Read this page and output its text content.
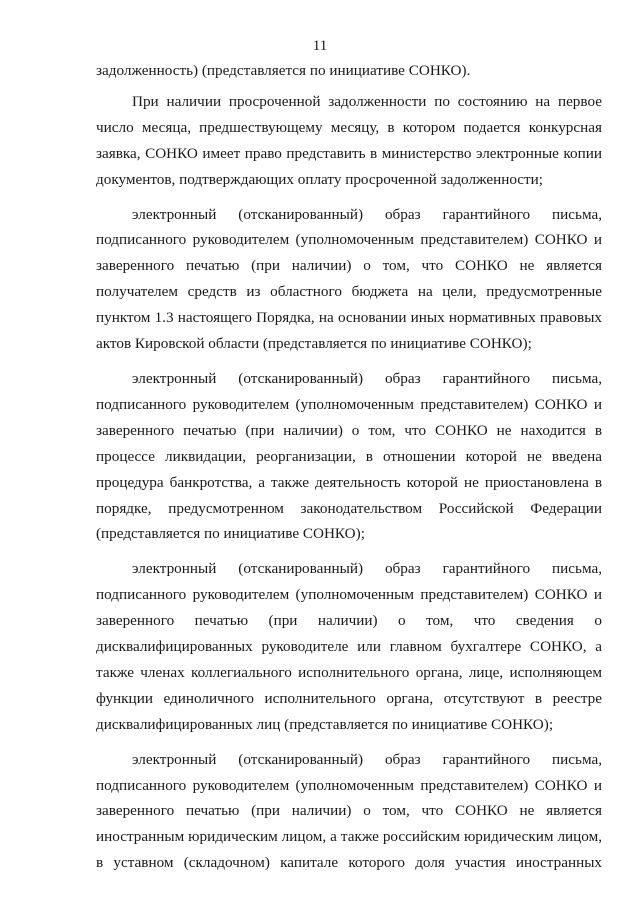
11

задолженность) (представляется по инициативе СОНКО).

При наличии просроченной задолженности по состоянию на первое число месяца, предшествующему месяцу, в котором подается конкурсная заявка, СОНКО имеет право представить в министерство электронные копии документов, подтверждающих оплату просроченной задолженности;

электронный (отсканированный) образ гарантийного письма, подписанного руководителем (уполномоченным представителем) СОНКО и заверенного печатью (при наличии) о том, что СОНКО не является получателем средств из областного бюджета на цели, предусмотренные пунктом 1.3 настоящего Порядка, на основании иных нормативных правовых актов Кировской области (представляется по инициативе СОНКО);

электронный (отсканированный) образ гарантийного письма, подписанного руководителем (уполномоченным представителем) СОНКО и заверенного печатью (при наличии) о том, что СОНКО не находится в процессе ликвидации, реорганизации, в отношении которой не введена процедура банкротства, а также деятельность которой не приостановлена в порядке, предусмотренном законодательством Российской Федерации (представляется по инициативе СОНКО);

электронный (отсканированный) образ гарантийного письма, подписанного руководителем (уполномоченным представителем) СОНКО и заверенного печатью (при наличии) о том, что сведения о дисквалифицированных руководителе или главном бухгалтере СОНКО, а также членах коллегиального исполнительного органа, лице, исполняющем функции единоличного исполнительного органа, отсутствуют в реестре дисквалифицированных лиц (представляется по инициативе СОНКО);

электронный (отсканированный) образ гарантийного письма, подписанного руководителем (уполномоченным представителем) СОНКО и заверенного печатью (при наличии) о том, что СОНКО не является иностранным юридическим лицом, а также российским юридическим лицом, в уставном (складочном) капитале которого доля участия иностранных
